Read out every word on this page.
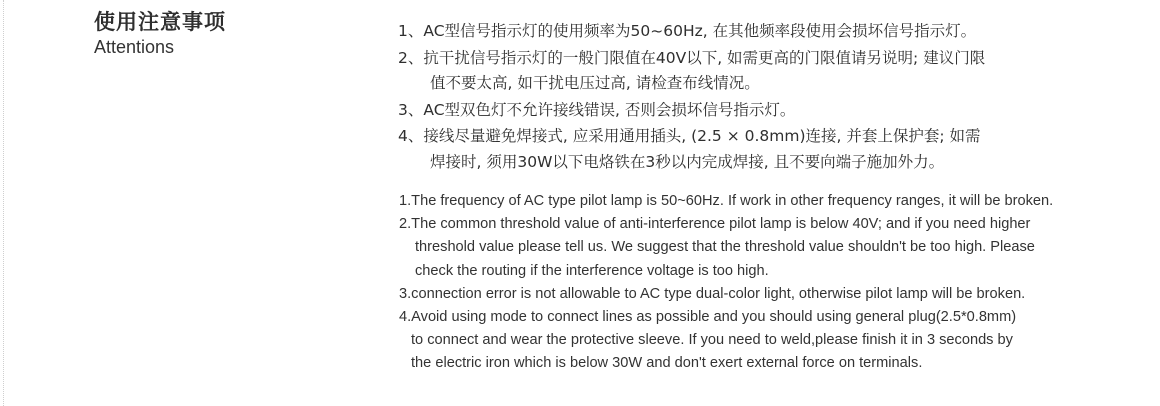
使用注意事项
Attentions
1、AC型信号指示灯的使用频率为50~60Hz, 在其他频率段使用会损坏信号指示灯。
2、抗干扰信号指示灯的一般门限值在40V以下, 如需更高的门限值请另说明; 建议门限
值不要太高, 如干扰电压过高, 请检查布线情况。
3、AC型双色灯不允许接线错误, 否则会损坏信号指示灯。
4、接线尽量避免焊接式, 应采用通用插头, (2.5 × 0.8mm)连接, 并套上保护套; 如需
焊接时, 须用30W以下电烙铁在3秒以内完成焊接, 且不要向端子施加外力。
1.The frequency of AC type pilot lamp is 50~60Hz. If work in other frequency ranges, it will be broken.
2.The common threshold value of anti-interference pilot lamp is below 40V; and if you need higher
threshold value please tell us. We suggest that the threshold value shouldn't be too high. Please
check the routing if the interference voltage is too high.
3.connection error is not allowable to AC type dual-color light, otherwise pilot lamp will be broken.
4.Avoid using mode to connect lines as possible and you should using general plug(2.5*0.8mm)
to connect and wear the protective sleeve. If you need to weld,please finish it in 3 seconds by
the electric iron which is below 30W and don't exert external force on terminals.
